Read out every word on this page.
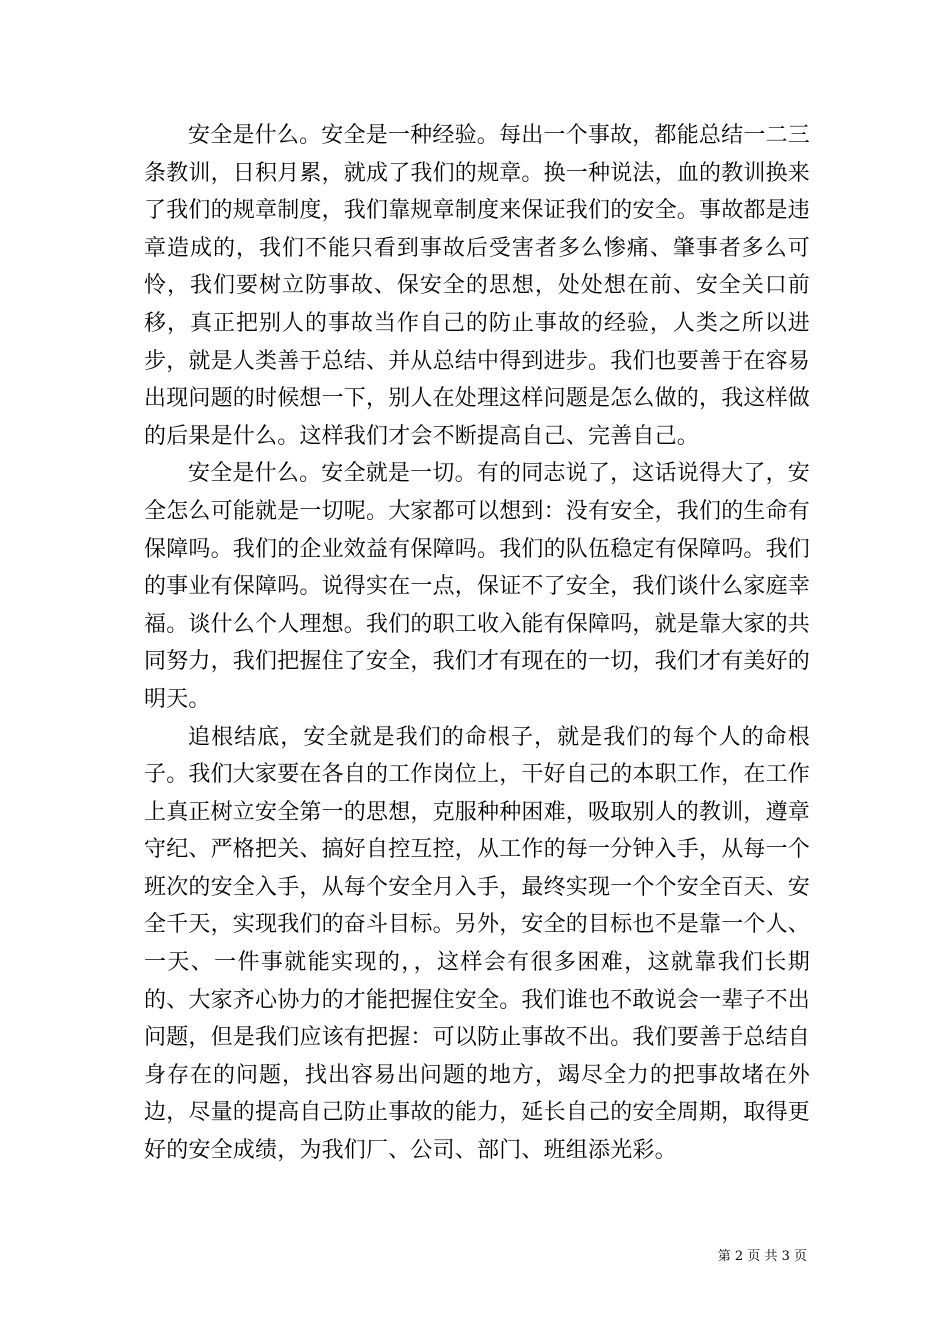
安全是什么。安全是一种经验。每出一个事故，都能总结一二三条教训，日积月累，就成了我们的规章。换一种说法，血的教训换来了我们的规章制度，我们靠规章制度来保证我们的安全。事故都是违章造成的，我们不能只看到事故后受害者多么惨痛、肇事者多么可怜，我们要树立防事故、保安全的思想，处处想在前、安全关口前移，真正把别人的事故当作自己的防止事故的经验，人类之所以进步，就是人类善于总结、并从总结中得到进步。我们也要善于在容易出现问题的时候想一下，别人在处理这样问题是怎么做的，我这样做的后果是什么。这样我们才会不断提高自己、完善自己。

安全是什么。安全就是一切。有的同志说了，这话说得大了，安全怎么可能就是一切呢。大家都可以想到：没有安全，我们的生命有保障吗。我们的企业效益有保障吗。我们的队伍稳定有保障吗。我们的事业有保障吗。说得实在一点，保证不了安全，我们谈什么家庭幸福。谈什么个人理想。我们的职工收入能有保障吗，就是靠大家的共同努力，我们把握住了安全，我们才有现在的一切，我们才有美好的明天。

追根结底，安全就是我们的命根子，就是我们的每个人的命根子。我们大家要在各自的工作岗位上，干好自己的本职工作，在工作上真正树立安全第一的思想，克服种种困难，吸取别人的教训，遵章守纪、严格把关、搞好自控互控，从工作的每一分钟入手，从每一个班次的安全入手，从每个安全月入手，最终实现一个个安全百天、安全千天，实现我们的奋斗目标。另外，安全的目标也不是靠一个人、一天、一件事就能实现的，，这样会有很多困难，这就靠我们长期的、大家齐心协力的才能把握住安全。我们谁也不敢说会一辈子不出问题，但是我们应该有把握：可以防止事故不出。我们要善于总结自身存在的问题，找出容易出问题的地方，竭尽全力的把事故堵在外边，尽量的提高自己防止事故的能力，延长自己的安全周期，取得更好的安全成绩，为我们厂、公司、部门、班组添光彩。

第 2 页 共 3 页
